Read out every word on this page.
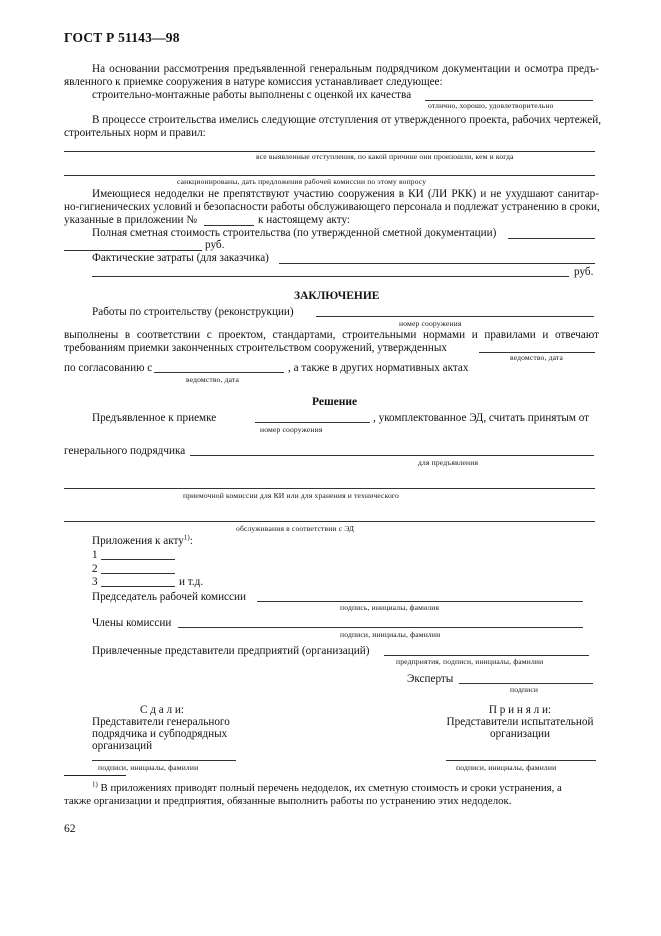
ГОСТ Р 51143—98
На основании рассмотрения предъявленной генеральным подрядчиком документации и осмотра предъ-
явленного к приемке сооружения в натуре комиссия устанавливает следующее:
строительно-монтажные работы выполнены с оценкой их качества
отлично, хорошо, удовлетворительно
В процессе строительства имелись следующие отступления от утвержденного проекта, рабочих чертежей,
строительных норм и правил:
все выявленные отступления, по какой причине они произошли, кем и когда
санкционированы, дать предложения рабочей комиссии по этому вопросу
Имеющиеся недоделки не препятствуют участию сооружения в КИ (ЛИ РКК) и не ухудшают санитар-
но-гигиенических условий и безопасности работы обслуживающего персонала и подлежат устранению в сроки,
указанные в приложении №	к настоящему акту:
Полная сметная стоимость строительства (по утвержденной сметной документации)
руб.
Фактические затраты (для заказчика)
руб.
ЗАКЛЮЧЕНИЕ
Работы по строительству (реконструкции)
номер сооружения
выполнены в соответствии с проектом, стандартами, строительными нормами и правилами и отвечают
требованиям приемки законченных строительством сооружений, утвержденных
ведомство, дата
по согласованию с	, а также в других нормативных актах
ведомство, дата
Решение
Предъявленное к приемке	, укомплектованное ЭД, считать принятым от
номер сооружения
генерального подрядчика
для предъявления
приемочной комиссии для КИ или для хранения и технического
обслуживания в соответствии с ЭД
Приложения к акту$^{1)}$:
1
2
3	и т.д.
Председатель рабочей комиссии
подпись, инициалы, фамилия
Члены комиссии
подписи, инициалы, фамилии
Привлеченные представители предприятий (организаций)
предприятия, подписи, инициалы, фамилии
Эксперты
подписи
С д а л и:
Представители генерального
подрядчика и субподрядных
организаций
подписи, инициалы, фамилии
П р и н я л и:
Представители испытательной
организации
подписи, инициалы, фамилии
$^{1)}$ В приложениях приводят полный перечень недоделок, их сметную стоимость и сроки устранения, а
также организации и предприятия, обязанные выполнить работы по устранению этих недоделок.
62
